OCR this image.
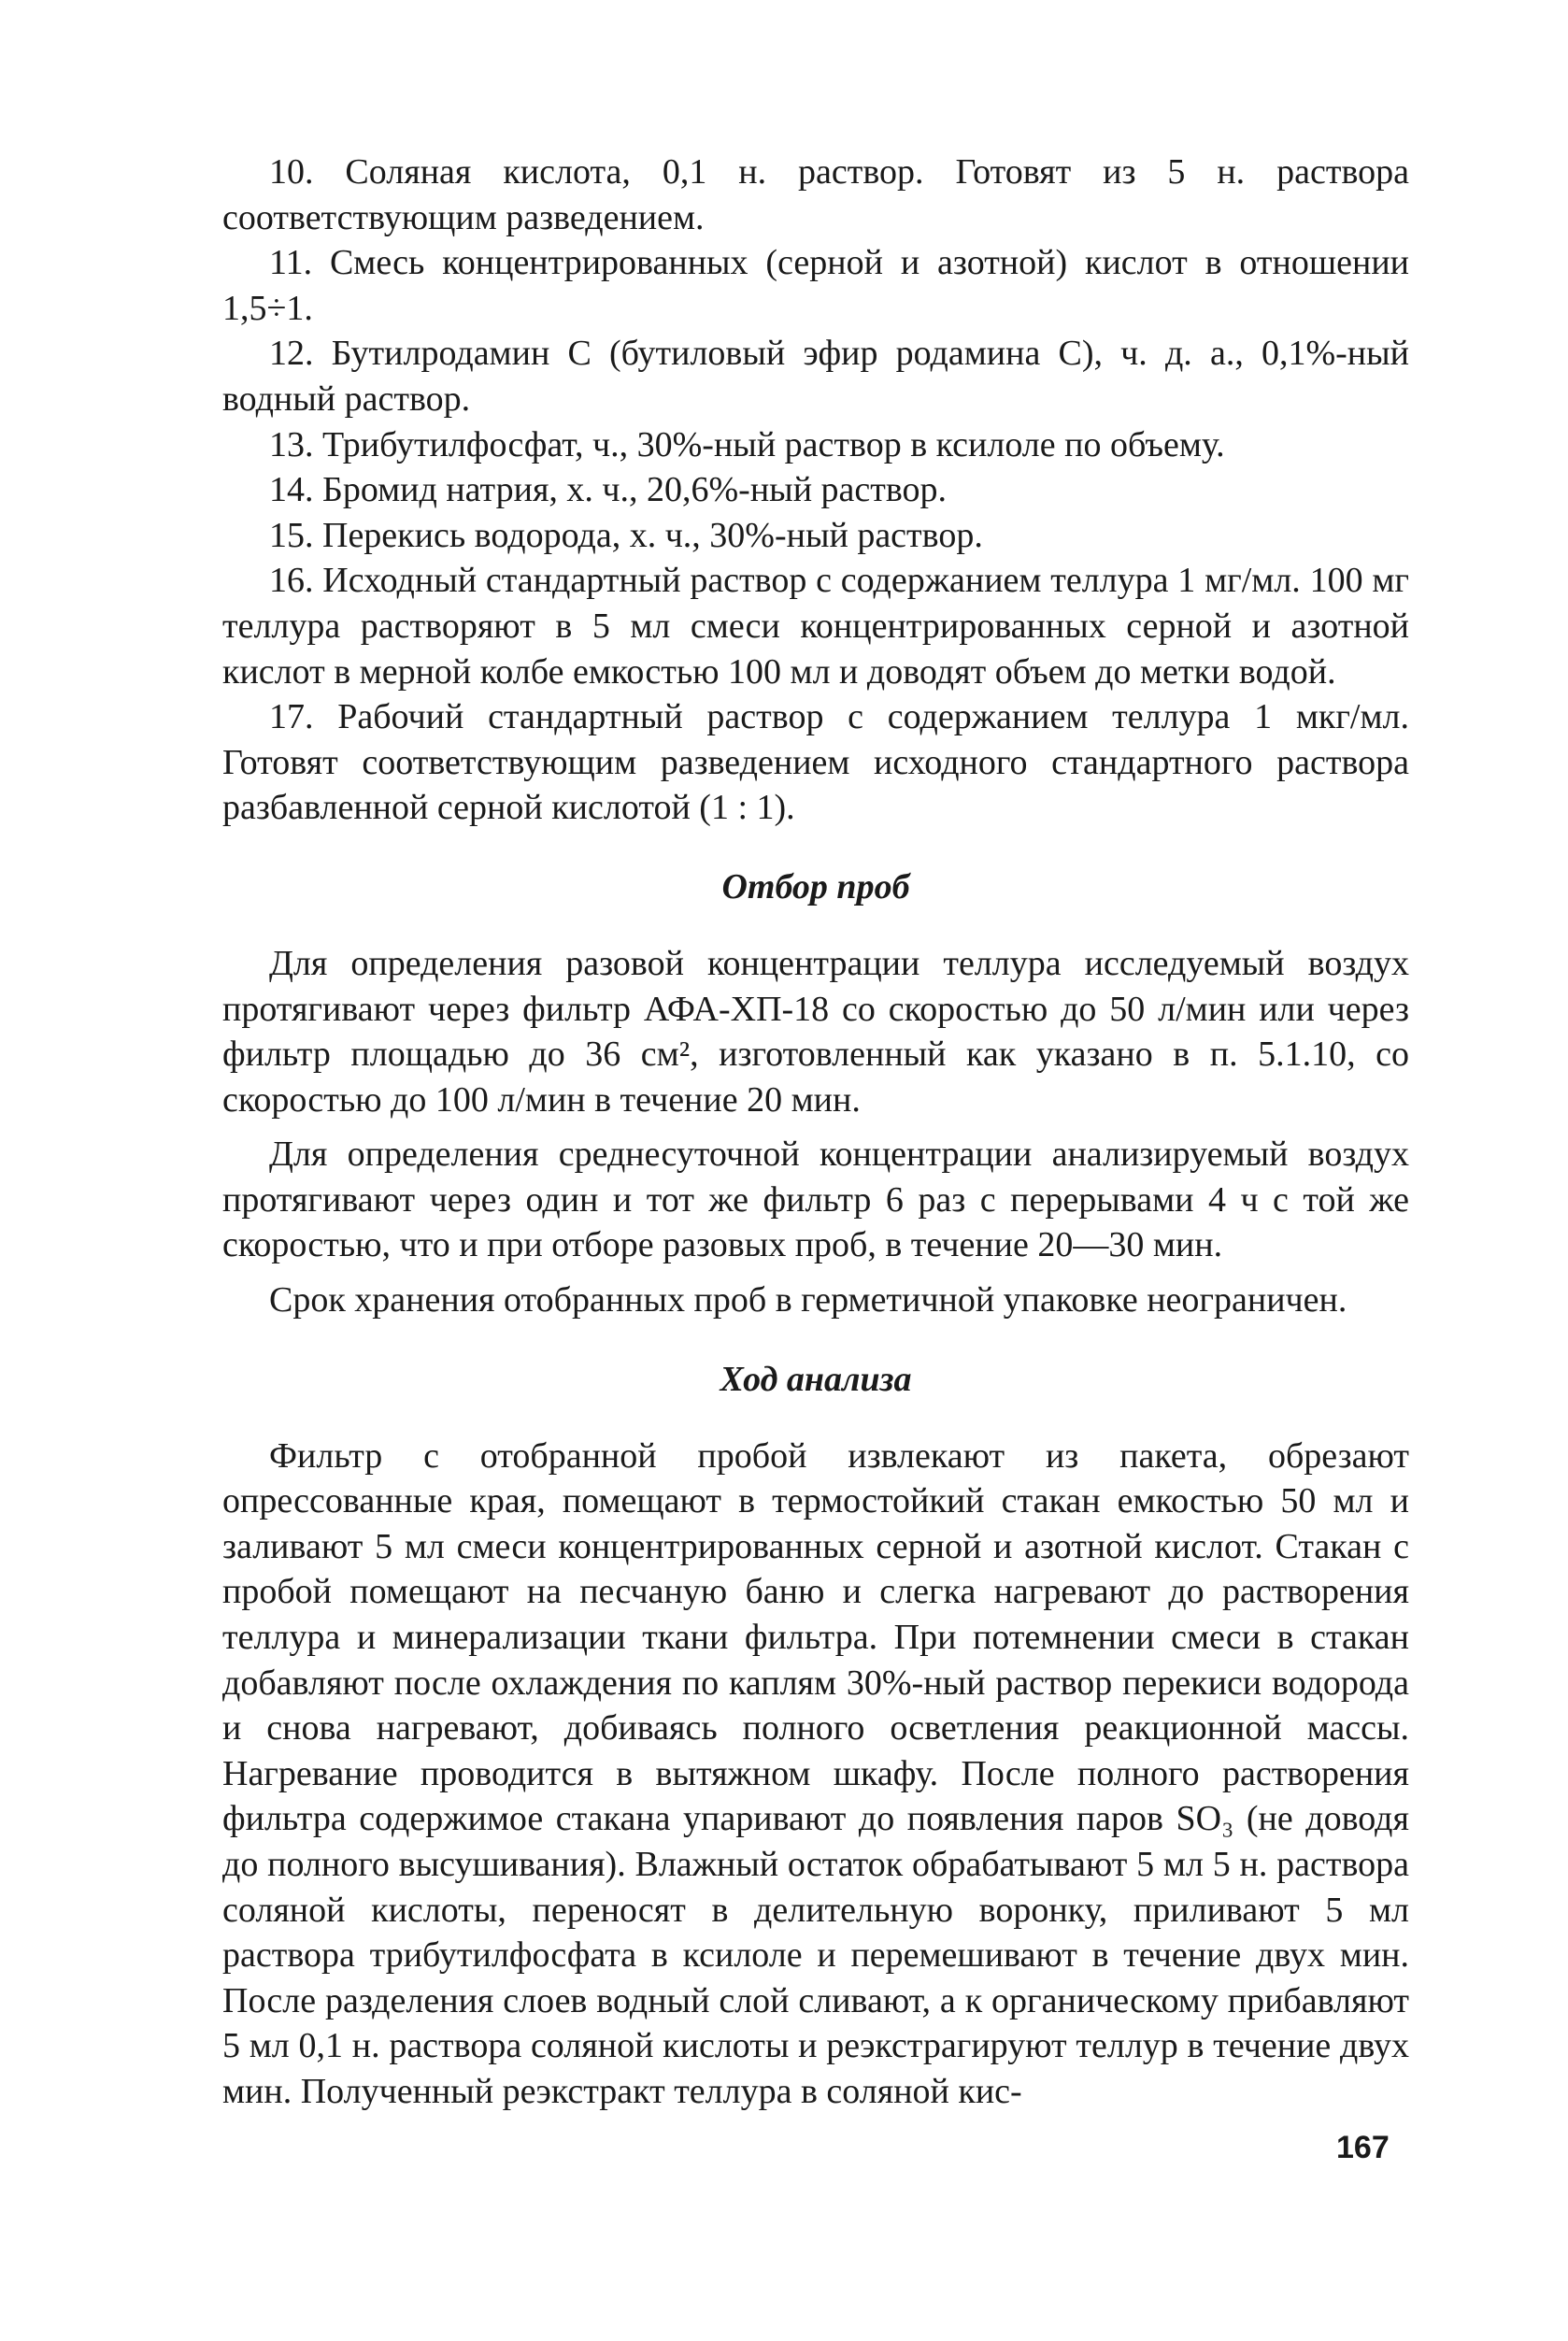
10. Соляная кислота, 0,1 н. раствор. Готовят из 5 н. раствора соответствующим разведением.

11. Смесь концентрированных (серной и азотной) кислот в отношении 1,5÷1.

12. Бутилродамин С (бутиловый эфир родамина С), ч. д. а., 0,1%-ный водный раствор.

13. Трибутилфосфат, ч., 30%-ный раствор в ксилоле по объему.

14. Бромид натрия, х. ч., 20,6%-ный раствор.

15. Перекись водорода, х. ч., 30%-ный раствор.

16. Исходный стандартный раствор с содержанием теллура 1 мг/мл. 100 мг теллура растворяют в 5 мл смеси концентрированных серной и азотной кислот в мерной колбе емкостью 100 мл и доводят объем до метки водой.

17. Рабочий стандартный раствор с содержанием теллура 1 мкг/мл. Готовят соответствующим разведением исходного стандартного раствора разбавленной серной кислотой (1 : 1).

Отбор проб

Для определения разовой концентрации теллура исследуемый воздух протягивают через фильтр АФА-ХП-18 со скоростью до 50 л/мин или через фильтр площадью до 36 см², изготовленный как указано в п. 5.1.10, со скоростью до 100 л/мин в течение 20 мин.

Для определения среднесуточной концентрации анализируемый воздух протягивают через один и тот же фильтр 6 раз с перерывами 4 ч с той же скоростью, что и при отборе разовых проб, в течение 20—30 мин.

Срок хранения отобранных проб в герметичной упаковке неограничен.

Ход анализа

Фильтр с отобранной пробой извлекают из пакета, обрезают опрессованные края, помещают в термостойкий стакан емкостью 50 мл и заливают 5 мл смеси концентрированных серной и азотной кислот. Стакан с пробой помещают на песчаную баню и слегка нагревают до растворения теллура и минерализации ткани фильтра. При потемнении смеси в стакан добавляют после охлаждения по каплям 30%-ный раствор перекиси водорода и снова нагревают, добиваясь полного осветления реакционной массы. Нагревание проводится в вытяжном шкафу. После полного растворения фильтра содержимое стакана упаривают до появления паров SO₃ (не доводя до полного высушивания). Влажный остаток обрабатывают 5 мл 5 н. раствора соляной кислоты, переносят в делительную воронку, приливают 5 мл раствора трибутилфосфата в ксилоле и перемешивают в течение двух мин. После разделения слоев водный слой сливают, а к органическому прибавляют 5 мл 0,1 н. раствора соляной кислоты и реэкстрагируют теллур в течение двух мин. Полученный реэкстракт теллура в соляной кис-

167
